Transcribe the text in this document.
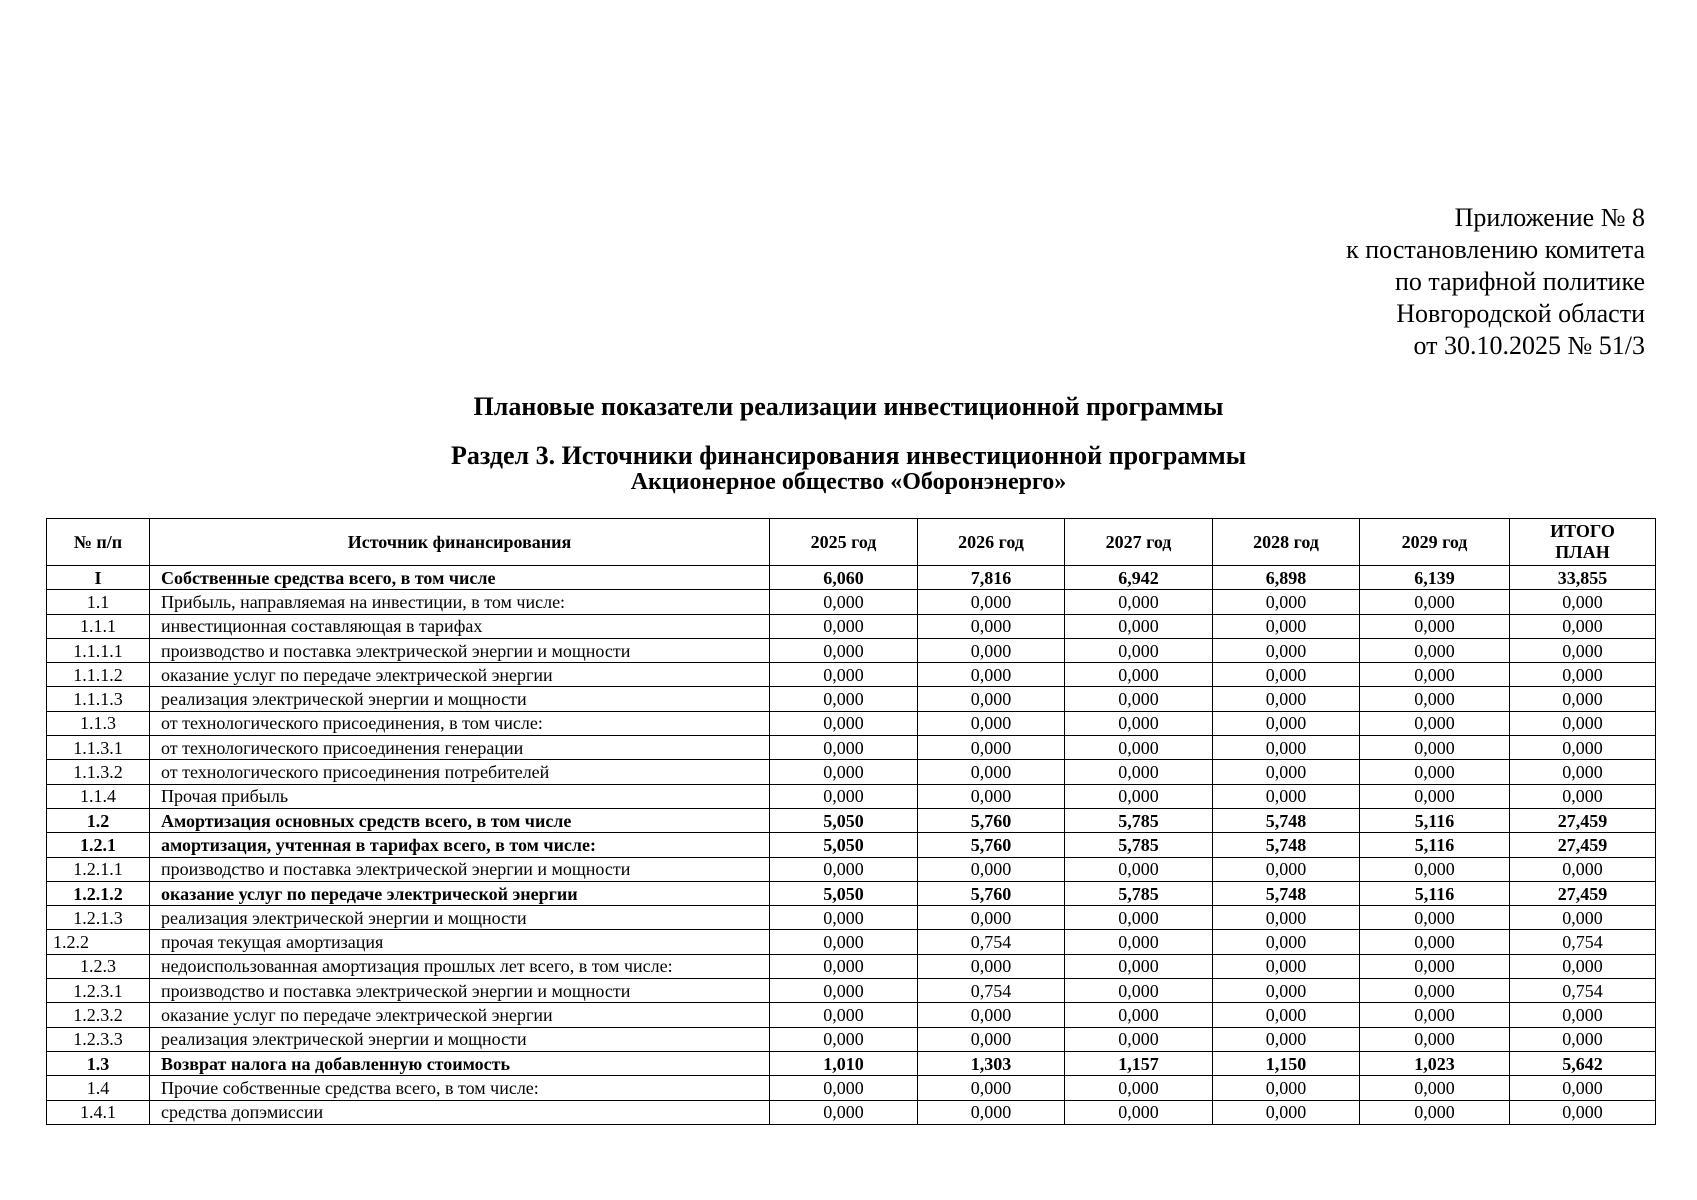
Приложение № 8
к постановлению комитета
по тарифной политике
Новгородской области
от 30.10.2025 № 51/3
Плановые показатели реализации инвестиционной программы
Раздел 3. Источники финансирования инвестиционной программы
Акционерное общество «Оборонэнерго»
№ п/п	Источник финансирования	2025 год	2026 год	2027 год	2028 год	2029 год	ИТОГО
ПЛАН

I	Собственные средства всего, в том числе	6,060	7,816	6,942	6,898	6,139	33,855
1.1	Прибыль, направляемая на инвестиции, в том числе:	0,000	0,000	0,000	0,000	0,000	0,000
1.1.1	инвестиционная составляющая в тарифах	0,000	0,000	0,000	0,000	0,000	0,000
1.1.1.1	производство и поставка электрической энергии и мощности	0,000	0,000	0,000	0,000	0,000	0,000
1.1.1.2	оказание услуг по передаче электрической энергии	0,000	0,000	0,000	0,000	0,000	0,000
1.1.1.3	реализация электрической энергии и мощности	0,000	0,000	0,000	0,000	0,000	0,000
1.1.3	от технологического присоединения, в том числе:	0,000	0,000	0,000	0,000	0,000	0,000
1.1.3.1	от технологического присоединения генерации	0,000	0,000	0,000	0,000	0,000	0,000
1.1.3.2	от технологического присоединения потребителей	0,000	0,000	0,000	0,000	0,000	0,000
1.1.4	Прочая прибыль	0,000	0,000	0,000	0,000	0,000	0,000
1.2	Амортизация основных средств всего, в том числе	5,050	5,760	5,785	5,748	5,116	27,459
1.2.1	амортизация, учтенная в тарифах всего, в том числе:	5,050	5,760	5,785	5,748	5,116	27,459
1.2.1.1	производство и поставка электрической энергии и мощности	0,000	0,000	0,000	0,000	0,000	0,000
1.2.1.2	оказание услуг по передаче электрической энергии	5,050	5,760	5,785	5,748	5,116	27,459
1.2.1.3	реализация электрической энергии и мощности	0,000	0,000	0,000	0,000	0,000	0,000
1.2.2	прочая текущая амортизация	0,000	0,754	0,000	0,000	0,000	0,754
1.2.3	недоиспользованная амортизация прошлых лет всего, в том числе:	0,000	0,000	0,000	0,000	0,000	0,000
1.2.3.1	производство и поставка электрической энергии и мощности	0,000	0,754	0,000	0,000	0,000	0,754
1.2.3.2	оказание услуг по передаче электрической энергии	0,000	0,000	0,000	0,000	0,000	0,000
1.2.3.3	реализация электрической энергии и мощности	0,000	0,000	0,000	0,000	0,000	0,000
1.3	Возврат налога на добавленную стоимость	1,010	1,303	1,157	1,150	1,023	5,642
1.4	Прочие собственные средства всего, в том числе:	0,000	0,000	0,000	0,000	0,000	0,000
1.4.1	средства допэмиссии	0,000	0,000	0,000	0,000	0,000	0,000
